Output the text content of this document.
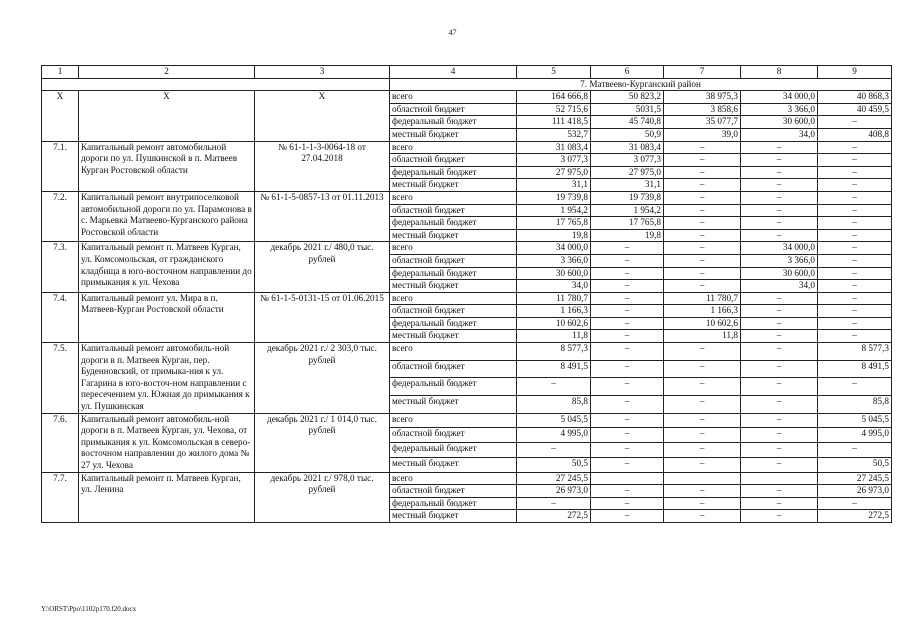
47
1	2	3	4	5	6	7	8	9
			7. Матвеево-Курганский район					
X	X	X	всего	164 666,8	50 823,2	38 975,3	34 000,0	40 868,3
			областной бюджет	52 715,6	5031,5	3 858,6	3 366,0	40 459,5
			федеральный бюджет	111 418,5	45 740,8	35 077,7	30 600,0	–
			местный бюджет	532,7	50,9	39,0	34,0	408,8
7.1.	Капитальный ремонт автомобильной дороги по ул. Пушкинской в п. Матвеев Курган Ростовской области	№ 61-1-1-3-0064-18 от 27.04.2018	всего	31 083,4	31 083,4	–	–	–
			областной бюджет	3 077,3	3 077,3	–	–	–
			федеральный бюджет	27 975,0	27 975,0	–	–	–
			местный бюджет	31,1	31,1	–	–	–
7.2.	Капитальный ремонт внутрипоселковой автомобильной дороги по ул. Парамонова в с. Марьевка Матвеево-Курганского района Ростовской области	№ 61-1-5-0857-13 от 01.11.2013	всего	19 739,8	19 739,8	–	–	–
			областной бюджет	1 954,2	1 954,2	–	–	–
			федеральный бюджет	17 765,8	17 765,8	–	–	–
			местный бюджет	19,8	19,8	–	–	–
7.3.	Капитальный ремонт п. Матвеев Курган, ул. Комсомольская, от гражданского кладбища в юго-восточном направлении до примыкания к ул. Чехова	декабрь 2021 г./ 480,0 тыс. рублей	всего	34 000,0	–	–	34 000,0	–
			областной бюджет	3 366,0	–	–	3 366,0	–
			федеральный бюджет	30 600,0	–	–	30 600,0	–
			местный бюджет	34,0	–	–	34,0	–
7.4.	Капитальный ремонт ул. Мира в п. Матвеев-Курган Ростовской области	№ 61-1-5-0131-15 от 01.06.2015	всего	11 780,7	–	11 780,7	–	–
			областной бюджет	1 166,3	–	1 166,3	–	–
			федеральный бюджет	10 602,6	–	10 602,6	–	–
			местный бюджет	11,8	–	11,8	–	–
7.5.	Капитальный ремонт автомобиль-ной дороги в п. Матвеев Курган, пер. Буденновский, от примыка-ния к ул. Гагарина в юго-восточ-ном направлении с пересечением ул. Южная до примыкания к ул. Пушкинская	декабрь 2021 г./ 2 303,0 тыс. рублей	всего	8 577,3	–	–	–	8 577,3
			областной бюджет	8 491,5	–	–	–	8 491,5
			федеральный бюджет	–	–	–	–	–
			местный бюджет	85,8	–	–	–	85,8
7.6.	Капитальный ремонт автомобиль-ной дороги в п. Матвеев Курган, ул. Чехова, от примыкания к ул. Комсомольская в северо-восточном направлении до жилого дома № 27 ул. Чехова	декабрь 2021 г./ 1 014,0 тыс. рублей	всего	5 045,5	–	–	–	5 045,5
			областной бюджет	4 995,0	–	–	–	4 995,0
			федеральный бюджет	–	–	–	–	–
			местный бюджет	50,5	–	–	–	50,5
7.7.	Капитальный ремонт п. Матвеев Курган, ул. Ленина	декабрь 2021 г./ 978,0 тыс. рублей	всего	27 245,5				27 245,5
			областной бюджет	26 973,0	–	–	–	26 973,0
			федеральный бюджет	–	–	–	–	–
			местный бюджет	272,5	–	–	–	272,5
Y:\ORST\Ppo\1102p170.f20.docx
